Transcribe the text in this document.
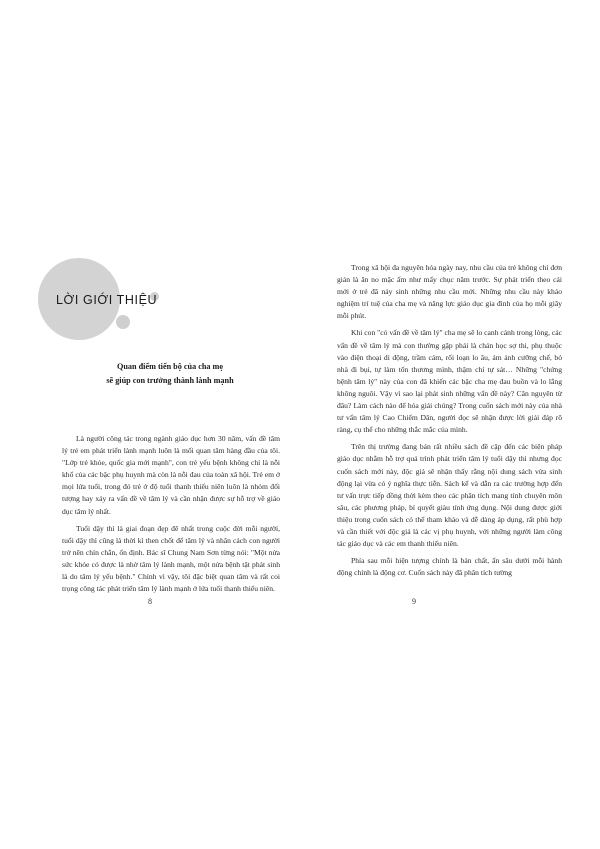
LỜI GIỚI THIỆU
Quan điểm tiến bộ của cha mẹ
sẽ giúp con trưởng thành lành mạnh

Là người công tác trong ngành giáo dục hơn 30 năm, vấn đề tâm lý trẻ em phát triển lành mạnh luôn là mối quan tâm hàng đầu của tôi. "Lớp trẻ khỏe, quốc gia mới mạnh", con trẻ yếu bệnh không chỉ là nỗi khổ của các bậc phụ huynh mà còn là nỗi đau của toàn xã hội. Trẻ em ở mọi lứa tuổi, trong đó trẻ ở độ tuổi thanh thiếu niên luôn là nhóm đối tượng hay xảy ra vấn đề về tâm lý và cần nhận được sự hỗ trợ về giáo dục tâm lý nhất.

Tuổi dậy thì là giai đoạn đẹp đẽ nhất trong cuộc đời mỗi người, tuổi dậy thì cũng là thời kì then chốt để tâm lý và nhân cách con người trở nên chín chắn, ổn định. Bác sĩ Chung Nam Sơn từng nói: "Một nửa sức khỏe có được là nhờ tâm lý lành mạnh, một nửa bệnh tật phát sinh là do tâm lý yếu bệnh." Chính vì vậy, tôi đặc biệt quan tâm và rất coi trọng công tác phát triển tâm lý lành mạnh ở lứa tuổi thanh thiếu niên.

8

Trong xã hội đa nguyên hóa ngày nay, nhu cầu của trẻ không chỉ đơn giản là ăn no mặc ấm như mấy chục năm trước. Sự phát triển theo cái mới ở trẻ đã nảy sinh những nhu cầu mới. Những nhu cầu này khảo nghiệm trí tuệ của cha mẹ và năng lực giáo dục gia đình của họ mỗi giây mỗi phút.

Khi con "có vấn đề về tâm lý" cha mẹ sẽ lo canh cánh trong lòng, các vấn đề về tâm lý mà con thường gặp phải là chán học sợ thi, phụ thuộc vào điện thoại di động, trầm cảm, rối loạn lo âu, ám ảnh cưỡng chế, bỏ nhà đi bụi, tự làm tổn thương mình, thậm chí tự sát… Những "chứng bệnh tâm lý" này của con đã khiến các bậc cha mẹ đau buồn và lo lắng không nguôi. Vậy vì sao lại phát sinh những vấn đề này? Căn nguyên từ đâu? Làm cách nào để hóa giải chúng? Trong cuốn sách mới này của nhà tư vấn tâm lý Cao Chiếm Dân, người đọc sẽ nhận được lời giải đáp rõ ràng, cụ thể cho những thắc mắc của mình.

Trên thị trường đang bán rất nhiều sách đề cập đến các biện pháp giáo dục nhằm hỗ trợ quá trình phát triển tâm lý tuổi dậy thì nhưng đọc cuốn sách mới này, độc giả sẽ nhận thấy rằng nội dung sách vừa sinh động lại vừa có ý nghĩa thực tiễn. Sách kể và dẫn ra các trường hợp đến tư vấn trực tiếp đồng thời kèm theo các phân tích mang tính chuyên môn sâu, các phương pháp, bí quyết giàu tính ứng dụng. Nội dung được giới thiệu trong cuốn sách có thể tham khảo và dễ dàng áp dụng, rất phù hợp và cần thiết với độc giả là các vị phụ huynh, với những người làm công tác giáo dục và các em thanh thiếu niên.

Phía sau mỗi hiện tượng chính là bản chất, ẩn sâu dưới mỗi hành động chính là động cơ. Cuốn sách này đã phân tích tường

9
